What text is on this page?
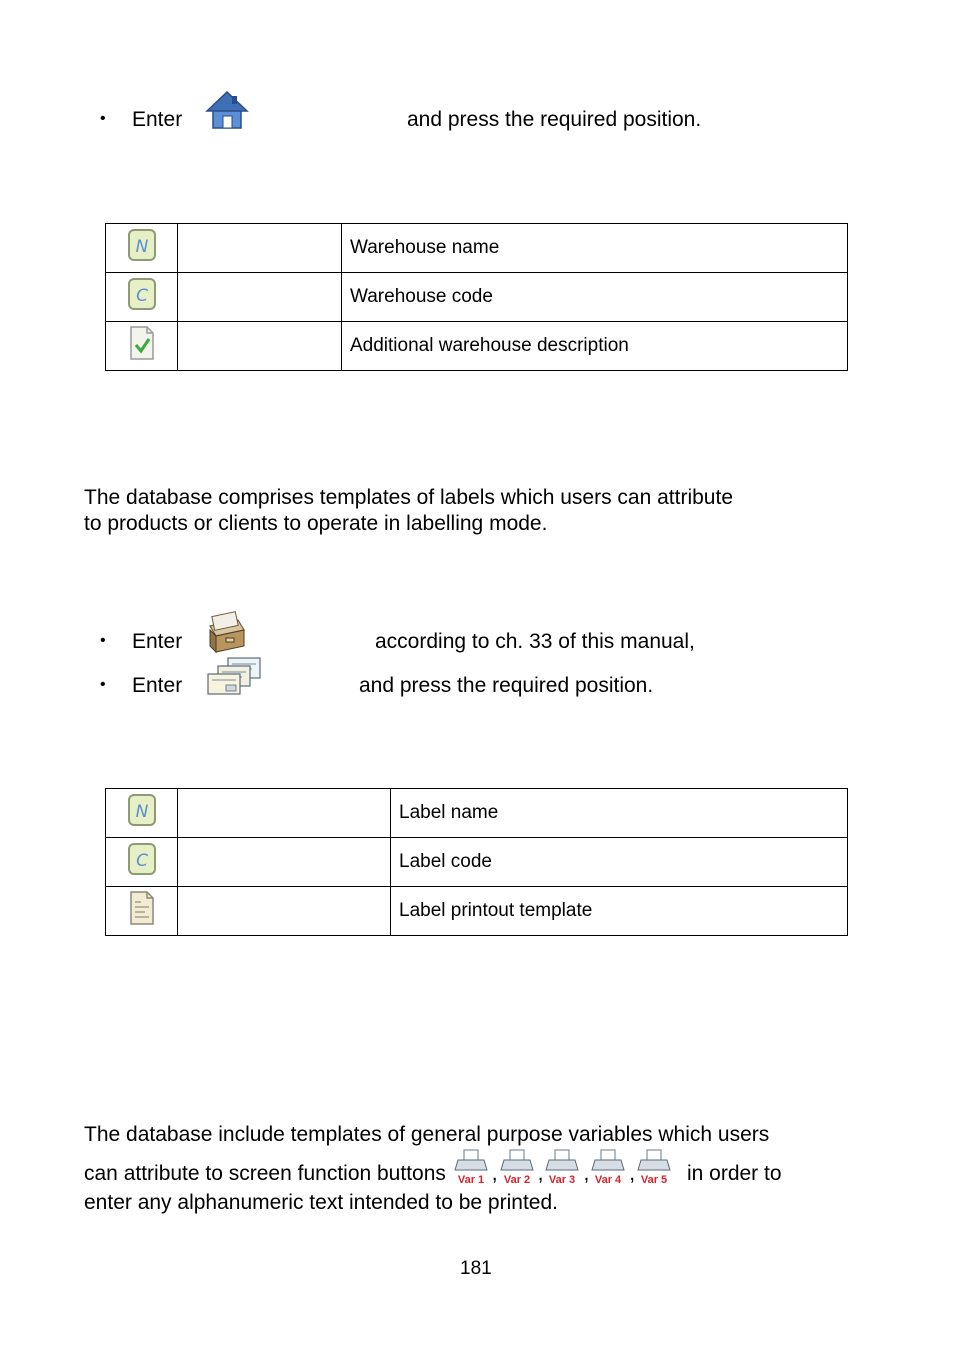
• Enter	and press the required position.
N		Warehouse name

C		Warehouse code
		Additional warehouse description
The database comprises templates of labels which users can attribute
to products or clients to operate in labelling mode.
• Enter	according to ch. 33 of this manual,
• Enter	and press the required position.
N		Label name

C		Label code
		Label printout template
The database include templates of general purpose variables which users
can attribute to screen function buttons Var 1 , Var 2 , Var 3 , Var 4 , Var 5 in order to
enter any alphanumeric text intended to be printed.
181
